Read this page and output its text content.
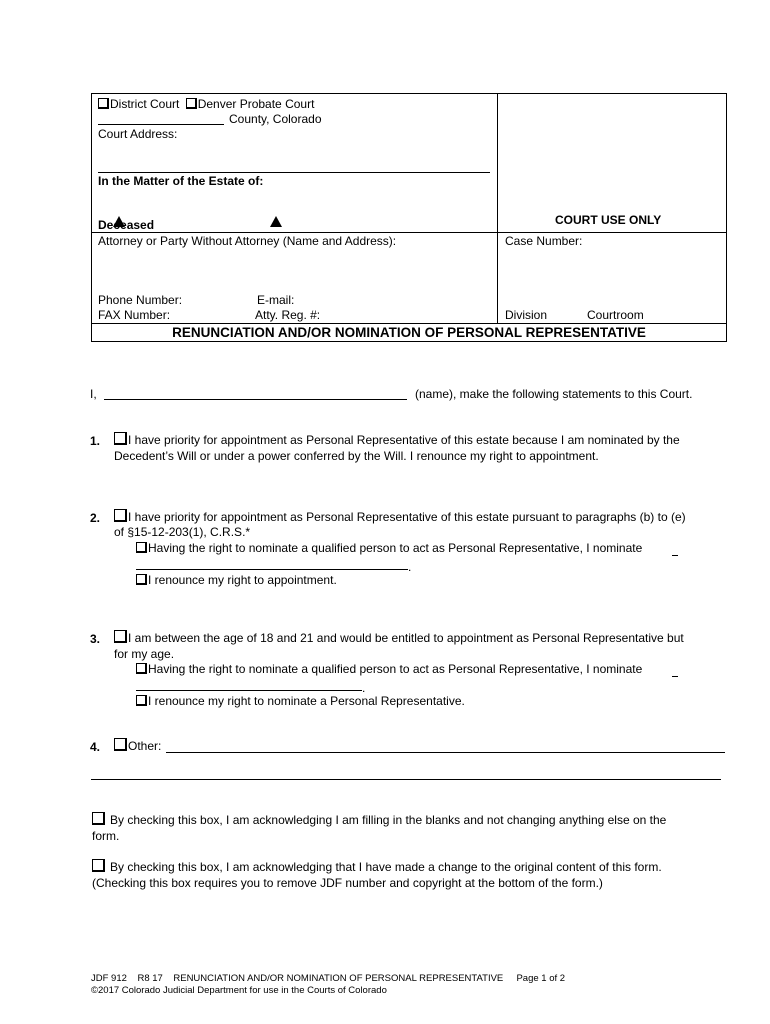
District Court Denver Probate Court
County, Colorado
Court Address:
In the Matter of the Estate of:
Deceased	COURT USE ONLY
Attorney or Party Without Attorney (Name and Address):	Case Number:
Phone Number:	E-mail:
FAX Number:	Atty. Reg. #:	Division	Courtroom
RENUNCIATION AND/OR NOMINATION OF PERSONAL REPRESENTATIVE
I,	(name), make the following statements to this Court.
1.	I have priority for appointment as Personal Representative of this estate because I am nominated by the
Decedent’s Will or under a power conferred by the Will. I renounce my right to appointment.
2.	I have priority for appointment as Personal Representative of this estate pursuant to paragraphs (b) to (e)
of §15-12-203(1), C.R.S.*
Having the right to nominate a qualified person to act as Personal Representative, I nominate
.
I renounce my right to appointment.
3.	I am between the age of 18 and 21 and would be entitled to appointment as Personal Representative but
for my age.
Having the right to nominate a qualified person to act as Personal Representative, I nominate
.
I renounce my right to nominate a Personal Representative.
4.	Other:
By checking this box, I am acknowledging I am filling in the blanks and not changing anything else on the
form.
By checking this box, I am acknowledging that I have made a change to the original content of this form.
(Checking this box requires you to remove JDF number and copyright at the bottom of the form.)
JDF 912    R8 17    RENUNCIATION AND/OR NOMINATION OF PERSONAL REPRESENTATIVE     Page 1 of 2
©2017 Colorado Judicial Department for use in the Courts of Colorado
